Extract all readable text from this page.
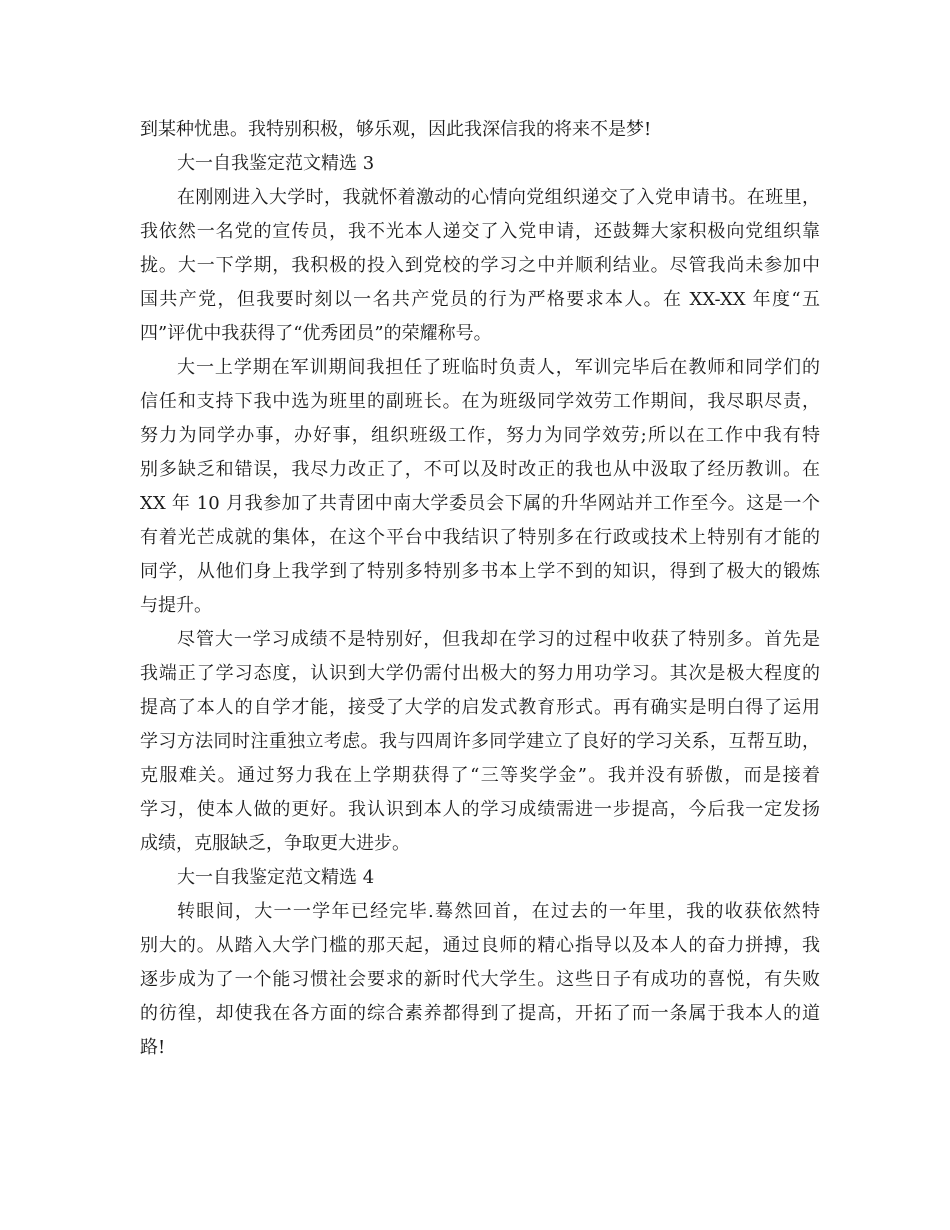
到某种忧患。我特别积极，够乐观，因此我深信我的将来不是梦!
大一自我鉴定范文精选 3
在刚刚进入大学时，我就怀着激动的心情向党组织递交了入党申请书。在班里，
我依然一名党的宣传员，我不光本人递交了入党申请，还鼓舞大家积极向党组织靠
拢。大一下学期，我积极的投入到党校的学习之中并顺利结业。尽管我尚未参加中
国共产党，但我要时刻以一名共产党员的行为严格要求本人。在 XX-XX 年度“五
四”评优中我获得了“优秀团员”的荣耀称号。
大一上学期在军训期间我担任了班临时负责人，军训完毕后在教师和同学们的
信任和支持下我中选为班里的副班长。在为班级同学效劳工作期间，我尽职尽责，
努力为同学办事，办好事，组织班级工作，努力为同学效劳;所以在工作中我有特
别多缺乏和错误，我尽力改正了，不可以及时改正的我也从中汲取了经历教训。在
XX 年 10 月我参加了共青团中南大学委员会下属的升华网站并工作至今。这是一个
有着光芒成就的集体，在这个平台中我结识了特别多在行政或技术上特别有才能的
同学，从他们身上我学到了特别多特别多书本上学不到的知识，得到了极大的锻炼
与提升。
尽管大一学习成绩不是特别好，但我却在学习的过程中收获了特别多。首先是
我端正了学习态度，认识到大学仍需付出极大的努力用功学习。其次是极大程度的
提高了本人的自学才能，接受了大学的启发式教育形式。再有确实是明白得了运用
学习方法同时注重独立考虑。我与四周许多同学建立了良好的学习关系，互帮互助，
克服难关。通过努力我在上学期获得了“三等奖学金”。我并没有骄傲，而是接着
学习，使本人做的更好。我认识到本人的学习成绩需进一步提高，今后我一定发扬
成绩，克服缺乏，争取更大进步。
大一自我鉴定范文精选 4
转眼间，大一一学年已经完毕.蓦然回首，在过去的一年里，我的收获依然特
别大的。从踏入大学门槛的那天起，通过良师的精心指导以及本人的奋力拼搏，我
逐步成为了一个能习惯社会要求的新时代大学生。这些日子有成功的喜悦，有失败
的彷徨，却使我在各方面的综合素养都得到了提高，开拓了而一条属于我本人的道
路!
